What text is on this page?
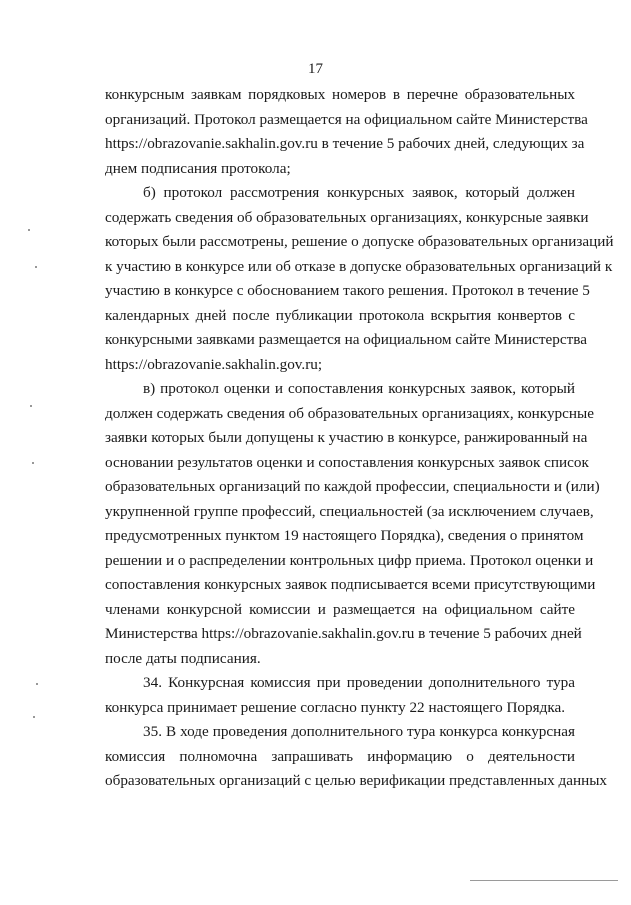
17
конкурсным заявкам порядковых номеров в перечне образовательных
организаций. Протокол размещается на официальном сайте Министерства
https://obrazovanie.sakhalin.gov.ru в течение 5 рабочих дней, следующих за
днем подписания протокола;
б) протокол рассмотрения конкурсных заявок, который должен
содержать сведения об образовательных организациях, конкурсные заявки
которых были рассмотрены, решение о допуске образовательных организаций
к участию в конкурсе или об отказе в допуске образовательных организаций к
участию в конкурсе с обоснованием такого решения. Протокол в течение 5
календарных дней после публикации протокола вскрытия конвертов с
конкурсными заявками размещается на официальном сайте Министерства
https://obrazovanie.sakhalin.gov.ru;
в) протокол оценки и сопоставления конкурсных заявок, который
должен содержать сведения об образовательных организациях, конкурсные
заявки которых были допущены к участию в конкурсе, ранжированный на
основании результатов оценки и сопоставления конкурсных заявок список
образовательных организаций по каждой профессии, специальности и (или)
укрупненной группе профессий, специальностей (за исключением случаев,
предусмотренных пунктом 19 настоящего Порядка), сведения о принятом
решении и о распределении контрольных цифр приема. Протокол оценки и
сопоставления конкурсных заявок подписывается всеми присутствующими
членами конкурсной комиссии и размещается на официальном сайте
Министерства https://obrazovanie.sakhalin.gov.ru в течение 5 рабочих дней
после даты подписания.
34. Конкурсная комиссия при проведении дополнительного тура
конкурса принимает решение согласно пункту 22 настоящего Порядка.
35. В ходе проведения дополнительного тура конкурса конкурсная
комиссия полномочна запрашивать информацию о деятельности
образовательных организаций с целью верификации представленных данных
